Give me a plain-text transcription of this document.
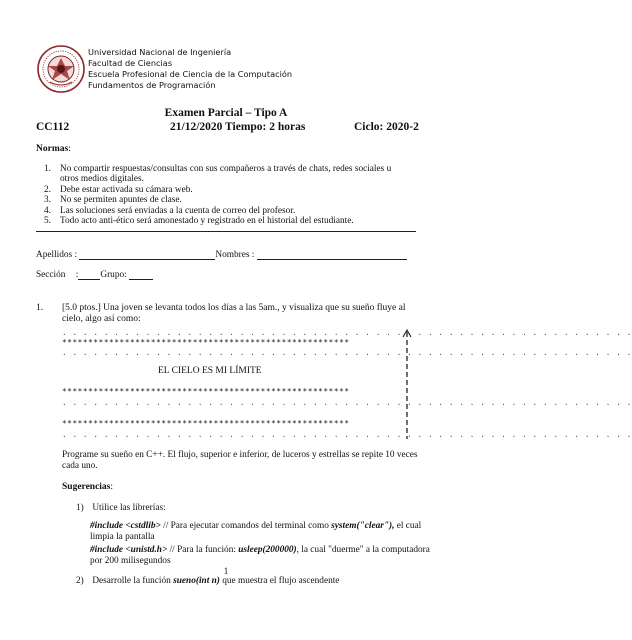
Universidad Nacional de Ingeniería
Facultad de Ciencias
Escuela Profesional de Ciencia de la Computación
Fundamentos de Programación
Examen Parcial – Tipo A
CC112	21/12/2020 Tiempo: 2 horas	Ciclo: 2020-2
Normas:
1. No compartir respuestas/consultas con sus compañeros a través de chats, redes sociales u otros medios digitales.
2. Debe estar activada su cámara web.
3. No se permiten apuntes de clase.
4. Las soluciones será enviadas a la cuenta de correo del profesor.
5. Todo acto anti-ético será amonestado y registrado en el historial del estudiante.
Apellidos :	Nombres :
Sección : Grupo:
1. [5.0 ptos.] Una joven se levanta todos los días a las 5am., y visualiza que su sueño fluye al cielo, algo así como:
. . . . . . . . . . . . . . . . . . . . . . . . . . . . . . . . . . . . . . . . . . . . . . . . . . . . . . .
*******************************************************
. . . . . . . . . . . . . . . . . . . . . . . . . . . . . . . . . . . . . . . . . . . . . . . . . . . . . . .
EL CIELO ES MI LÍMITE
*******************************************************
. . . . . . . . . . . . . . . . . . . . . . . . . . . . . . . . . . . . . . . . . . . . . . . . . . . . . . .
*******************************************************
. . . . . . . . . . . . . . . . . . . . . . . . . . . . . . . . . . . . . . . . . . . . . . . . . . . . . . .
Programe su sueño en C++. El flujo, superior e inferior, de luceros y estrellas se repite 10 veces cada uno.
Sugerencias:
1) Utilice las librerías:
#include <cstdlib> // Para ejecutar comandos del terminal como system("clear"), el cual limpia la pantalla
#include <unistd.h> // Para la función: usleep(200000), la cual "duerme" a la computadora por 200 milisegundos
1
2) Desarrolle la función sueno(int n) que muestra el flujo ascendente
